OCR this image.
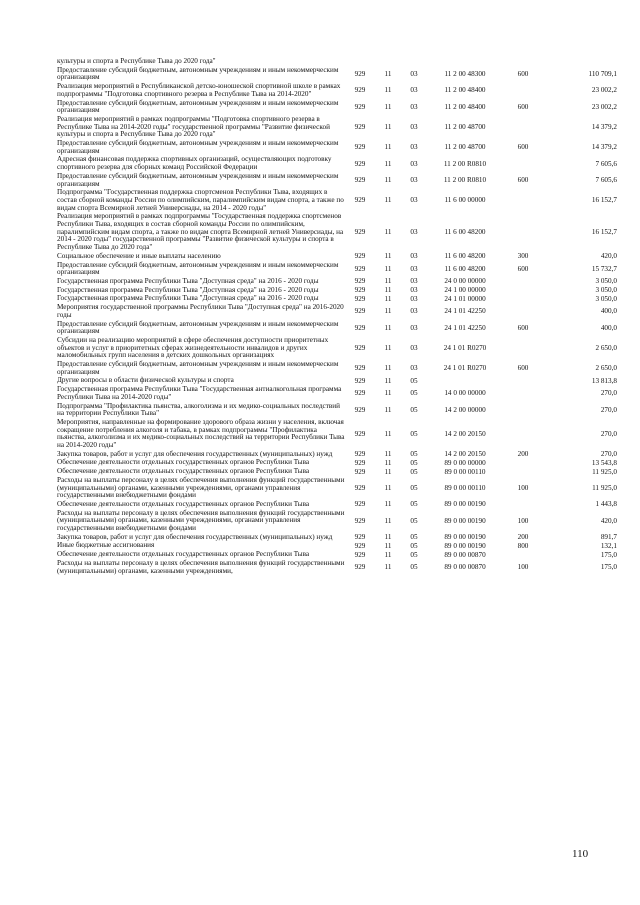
культуры и спорта в Республике Тыва до 2020 года"						
Предоставление субсидий бюджетным, автономным учреждениям и иным некоммерческим организациям	929	11	03	11 2 00 48300	600	110 709,1
Реализация мероприятий в Республиканской детско-юношеской спортивной школе в рамках подпрограммы "Подготовка спортивного резерва в Республике Тыва на 2014-2020"	929	11	03	11 2 00 48400		23 002,2
Предоставление субсидий бюджетным, автономным учреждениям и иным некоммерческим организациям	929	11	03	11 2 00 48400	600	23 002,2
Реализация мероприятий в рамках подпрограммы "Подготовка спортивного резерва в Республике Тыва на 2014-2020 годы" государственной программы "Развитие физической культуры и спорта в Республике Тыва до 2020 года"	929	11	03	11 2 00 48700		14 379,2
Предоставление субсидий бюджетным, автономным учреждениям и иным некоммерческим организациям	929	11	03	11 2 00 48700	600	14 379,2
Адресная финансовая поддержка спортивных организаций, осуществляющих подготовку спортивного резерва для сборных команд Российской Федерации	929	11	03	11 2 00 R0810		7 605,6
Предоставление субсидий бюджетным, автономным учреждениям и иным некоммерческим организациям	929	11	03	11 2 00 R0810	600	7 605,6
Подпрограмма "Государственная поддержка спортсменов Республики Тыва, входящих в состав сборной команды России по олимпийским, паралимпийским видам спорта, а также по видам спорта Всемирной летней Универсиады, на 2014 - 2020 годы"	929	11	03	11 6 00 00000		16 152,7
Реализация мероприятий в рамках подпрограммы "Государственная поддержка спортсменов Республики Тыва, входящих в состав сборной команды России по олимпийским, паралимпийским видам спорта, а также по видам спорта Всемирной летней Универсиады, на 2014 - 2020 годы" государственной программы "Развитие физической культуры и спорта в Республике Тыва до 2020 года"	929	11	03	11 6 00 48200		16 152,7
Социальное обеспечение и иные выплаты населению	929	11	03	11 6 00 48200	300	420,0
Предоставление субсидий бюджетным, автономным учреждениям и иным некоммерческим организациям	929	11	03	11 6 00 48200	600	15 732,7
Государственная программа Республики Тыва "Доступная среда" на 2016 - 2020 годы	929	11	03	24 0 00 00000		3 050,0
Государственная программа Республики Тыва "Доступная среда" на 2016 - 2020 годы	929	11	03	24 1 00 00000		3 050,0
Государственная программа Республики Тыва "Доступная среда" на 2016 - 2020 годы	929	11	03	24 1 01 00000		3 050,0
Мероприятия государственной программы Республики Тыва "Доступная среда" на 2016-2020 годы	929	11	03	24 1 01 42250		400,0
Предоставление субсидий бюджетным, автономным учреждениям и иным некоммерческим организациям	929	11	03	24 1 01 42250	600	400,0
Субсидии на реализацию мероприятий в сфере обеспечения доступности приоритетных объектов и услуг в приоритетных сферах жизнедеятельности инвалидов и других маломобильных групп населения в детских дошкольных организациях	929	11	03	24 1 01 R0270		2 650,0
Предоставление субсидий бюджетным, автономным учреждениям и иным некоммерческим организациям	929	11	03	24 1 01 R0270	600	2 650,0
Другие вопросы в области физической культуры и спорта	929	11	05			13 813,8
Государственная программа Республики Тыва "Государственная антиалкогольная программа Республики Тыва на 2014-2020 годы"	929	11	05	14 0 00 00000		270,0
Подпрограмма "Профилактика пьянства, алкоголизма и их медико-социальных последствий на территории Республики Тыва"	929	11	05	14 2 00 00000		270,0
Мероприятия, направленные на формирование здорового образа жизни у населения, включая сокращение потребления алкоголя и табака, в рамках подпрограммы "Профилактика пьянства, алкоголизма и их медико-социальных последствий на территории Республики Тыва на 2014-2020 годы"	929	11	05	14 2 00 20150		270,0
Закупка товаров, работ и услуг для обеспечения государственных (муниципальных) нужд	929	11	05	14 2 00 20150	200	270,0
Обеспечение деятельности отдельных государственных органов Республики Тыва	929	11	05	89 0 00 00000		13 543,8
Обеспечение деятельности отдельных государственных органов Республики Тыва	929	11	05	89 0 00 00110		11 925,0
Расходы на выплаты персоналу в целях обеспечения выполнения функций государственными (муниципальными) органами, казенными учреждениями, органами управления государственными внебюджетными фондами	929	11	05	89 0 00 00110	100	11 925,0
Обеспечение деятельности отдельных государственных органов Республики Тыва	929	11	05	89 0 00 00190		1 443,8
Расходы на выплаты персоналу в целях обеспечения выполнения функций государственными (муниципальными) органами, казенными учреждениями, органами управления государственными внебюджетными фондами	929	11	05	89 0 00 00190	100	420,0
Закупка товаров, работ и услуг для обеспечения государственных (муниципальных) нужд	929	11	05	89 0 00 00190	200	891,7
Иные бюджетные ассигнования	929	11	05	89 0 00 00190	800	132,1
Обеспечение деятельности отдельных государственных органов Республики Тыва	929	11	05	89 0 00 00870		175,0
Расходы на выплаты персоналу в целях обеспечения выполнения функций государственными (муниципальными) органами, казенными учреждениями,	929	11	05	89 0 00 00870	100	175,0
110
